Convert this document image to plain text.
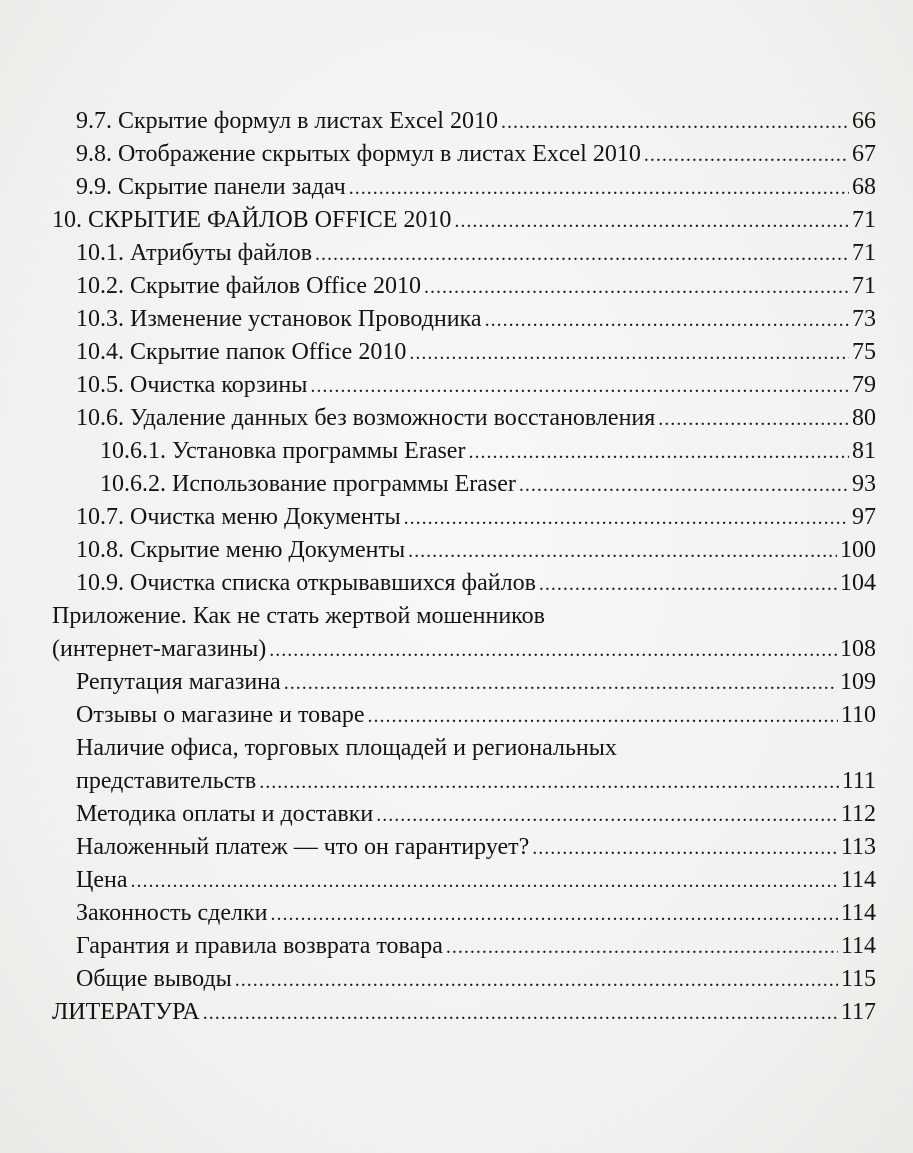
9.7. Скрытие формул в листах Excel 2010 .....	66
9.8. Отображение скрытых формул в листах Excel 2010 .....	67
9.9. Скрытие панели задач .....	68
10. СКРЫТИЕ ФАЙЛОВ OFFICE 2010 .....	71
10.1. Атрибуты файлов .....	71
10.2. Скрытие файлов Office 2010 .....	71
10.3. Изменение установок Проводника .....	73
10.4. Скрытие папок Office 2010 .....	75
10.5. Очистка корзины .....	79
10.6. Удаление данных без возможности восстановления .....	80
10.6.1. Установка программы Eraser .....	81
10.6.2. Использование программы Eraser .....	93
10.7. Очистка меню Документы .....	97
10.8. Скрытие меню Документы .....	100
10.9. Очистка списка открывавшихся файлов .....	104
Приложение. Как не стать жертвой мошенников
(интернет-магазины) .....	108
Репутация магазина .....	109
Отзывы о магазине и товаре .....	110
Наличие офиса, торговых площадей и региональных
представительств .....	111
Методика оплаты и доставки .....	112
Наложенный платеж — что он гарантирует? .....	113
Цена .....	114
Законность сделки .....	114
Гарантия и правила возврата товара .....	114
Общие выводы .....	115
ЛИТЕРАТУРА .....	117
